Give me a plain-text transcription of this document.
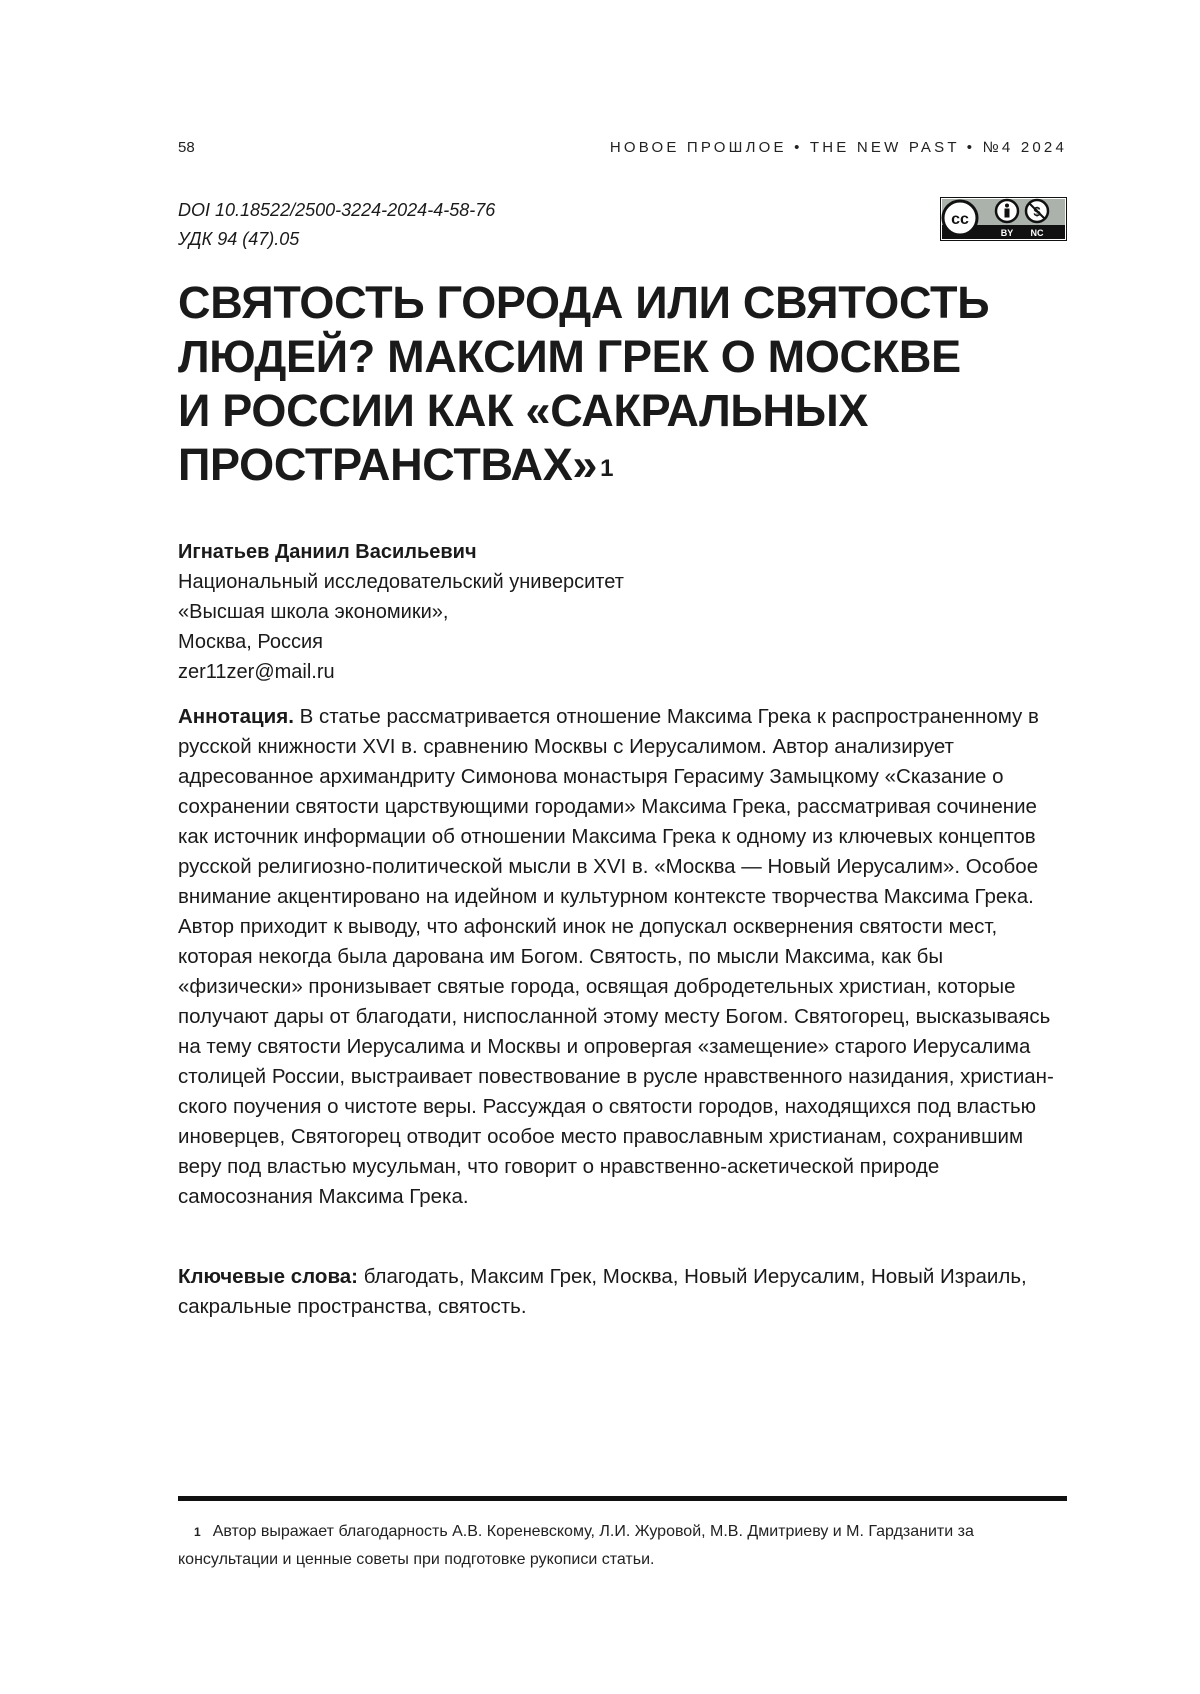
58	НОВОЕ ПРОШЛОЕ • THE NEW PAST • №4 2024
DOI 10.18522/2500-3224-2024-4-58-76
УДК 94 (47).05
cc
BY NC
СВЯТОСТЬ ГОРОДА ИЛИ СВЯТОСТЬ
ЛЮДЕЙ? МАКСИМ ГРЕК О МОСКВЕ
И РОССИИ КАК «САКРАЛЬНЫХ
ПРОСТРАНСТВАХ» 1
Игнатьев Даниил Васильевич
Национальный исследовательский университет
«Высшая школа экономики»,
Москва, Россия
zer11zer@mail.ru

Аннотация. В статье рассматривается отношение Максима Грека к распростра­ненному в русской книжности XVI в. сравнению Москвы с Иерусалимом. Автор анализирует адресованное архимандриту Симонова монастыря Герасиму Замыц­кому «Сказание о сохранении святости царствующими городами» Максима Грека, рассматривая сочинение как источник информации об отношении Максима Грека к одному из ключевых концептов русской религиозно-политической мысли в XVI в. «Москва — Новый Иерусалим». Особое внимание акцентировано на идейном и куль­турном контексте творчества Максима Грека. Автор приходит к выводу, что афон­ский инок не допускал осквернения святости мест, которая некогда была дарована им Богом. Святость, по мысли Максима, как бы «физически» пронизывает святые города, освящая добродетельных христиан, которые получают дары от благодати, ниспосланной этому месту Богом. Святогорец, высказываясь на тему святости Иерусалима и Москвы и опровергая «замещение» старого Иерусалима столицей России, выстраивает повествование в русле нравственного назидания, христиан­ского поучения о чистоте веры. Рассуждая о святости городов, находящихся под властью иноверцев, Святогорец отводит особое место православным христианам, сохранившим веру под властью мусульман, что говорит о нравственно-аскетиче­ской природе самосознания Максима Грека.

Ключевые слова: благодать, Максим Грек, Москва, Новый Иерусалим, Новый Из­раиль, сакральные пространства, святость.

1 Автор выражает благодарность А.В. Кореневскому, Л.И. Журовой, М.В. Дмитриеву и М. Гардзанити за консультации и ценные советы при подготовке рукописи статьи.
